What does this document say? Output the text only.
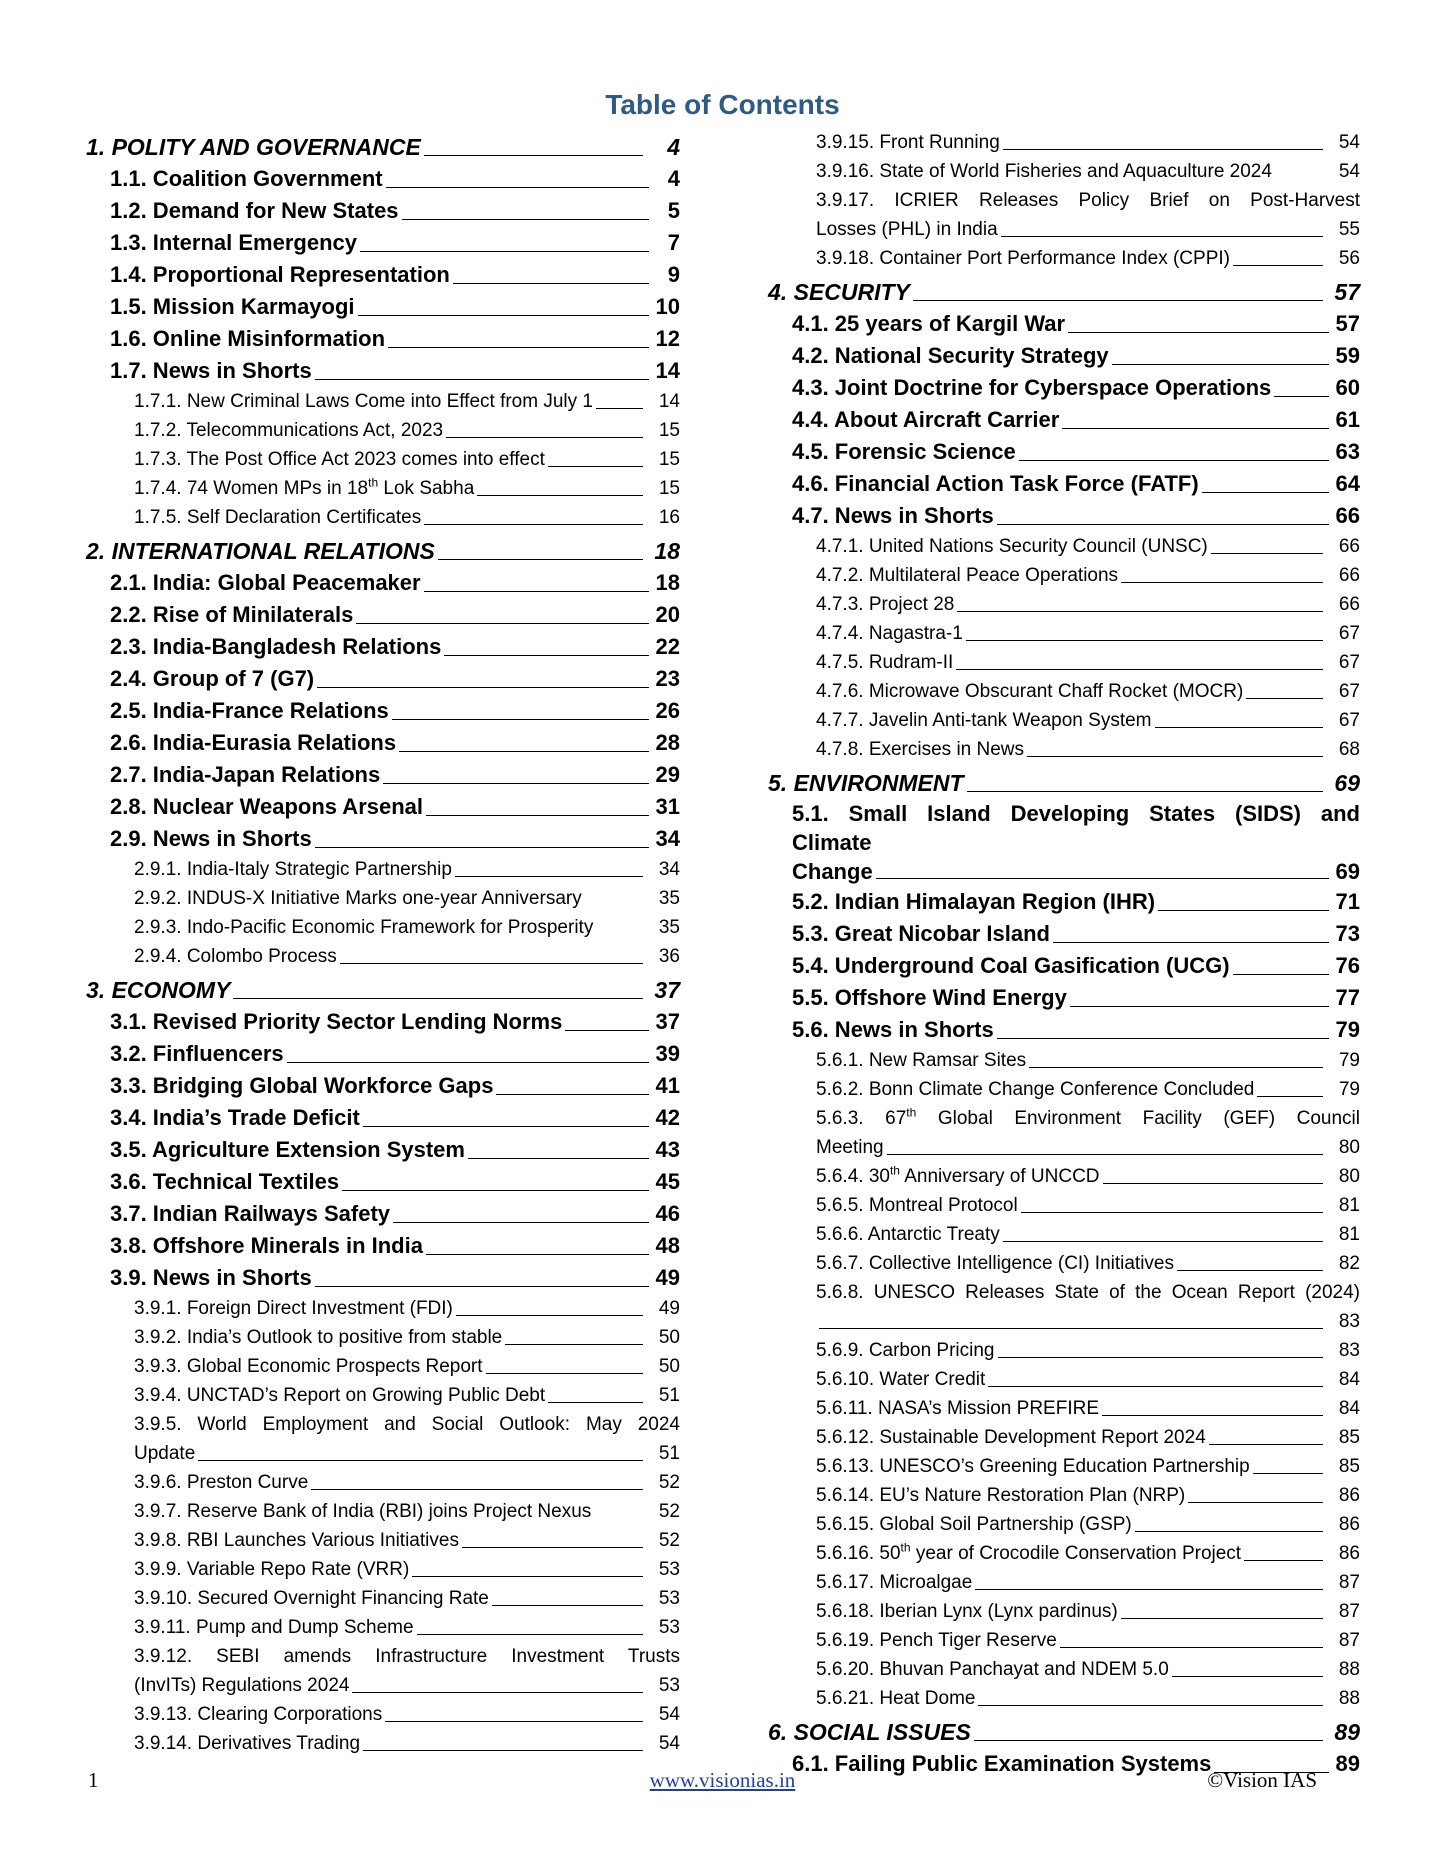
Table of Contents
1. POLITY AND GOVERNANCE	4
1.1. Coalition Government	4
1.2. Demand for New States	5
1.3. Internal Emergency	7
1.4. Proportional Representation	9
1.5. Mission Karmayogi	10
1.6. Online Misinformation	12
1.7. News in Shorts	14
1.7.1. New Criminal Laws Come into Effect from July 1	14
1.7.2. Telecommunications Act, 2023	15
1.7.3. The Post Office Act 2023 comes into effect	15
1.7.4. 74 Women MPs in 18th Lok Sabha	15
1.7.5. Self Declaration Certificates	16
2. INTERNATIONAL RELATIONS	18
2.1. India: Global Peacemaker	18
2.2. Rise of Minilaterals	20
2.3. India-Bangladesh Relations	22
2.4. Group of 7 (G7)	23
2.5. India-France Relations	26
2.6. India-Eurasia Relations	28
2.7. India-Japan Relations	29
2.8. Nuclear Weapons Arsenal	31
2.9. News in Shorts	34
2.9.1. India-Italy Strategic Partnership	34
2.9.2. INDUS-X Initiative Marks one-year Anniversary	35
2.9.3. Indo-Pacific Economic Framework for Prosperity	35
2.9.4. Colombo Process	36
3. ECONOMY	37
3.1. Revised Priority Sector Lending Norms	37
3.2. Finfluencers	39
3.3. Bridging Global Workforce Gaps	41
3.4. India’s Trade Deficit	42
3.5. Agriculture Extension System	43
3.6. Technical Textiles	45
3.7. Indian Railways Safety	46
3.8. Offshore Minerals in India	48
3.9. News in Shorts	49
3.9.1. Foreign Direct Investment (FDI)	49
3.9.2. India’s Outlook to positive from stable	50
3.9.3. Global Economic Prospects Report	50
3.9.4. UNCTAD’s Report on Growing Public Debt	51
3.9.5. World Employment and Social Outlook: May 2024
Update	51
3.9.6. Preston Curve	52
3.9.7. Reserve Bank of India (RBI) joins Project Nexus	52
3.9.8. RBI Launches Various Initiatives	52
3.9.9. Variable Repo Rate (VRR)	53
3.9.10. Secured Overnight Financing Rate	53
3.9.11. Pump and Dump Scheme	53
3.9.12. SEBI amends Infrastructure Investment Trusts
(InvITs) Regulations 2024	53
3.9.13. Clearing Corporations	54
3.9.14. Derivatives Trading	54
3.9.15. Front Running	54
3.9.16. State of World Fisheries and Aquaculture 2024	54
3.9.17. ICRIER Releases Policy Brief on Post-Harvest
Losses (PHL) in India	55
3.9.18. Container Port Performance Index (CPPI)	56
4. SECURITY	57
4.1. 25 years of Kargil War	57
4.2. National Security Strategy	59
4.3. Joint Doctrine for Cyberspace Operations	60
4.4. About Aircraft Carrier	61
4.5. Forensic Science	63
4.6. Financial Action Task Force (FATF)	64
4.7. News in Shorts	66
4.7.1. United Nations Security Council (UNSC)	66
4.7.2. Multilateral Peace Operations	66
4.7.3. Project 28	66
4.7.4. Nagastra-1	67
4.7.5. Rudram-II	67
4.7.6. Microwave Obscurant Chaff Rocket (MOCR)	67
4.7.7. Javelin Anti-tank Weapon System	67
4.7.8. Exercises in News	68
5. ENVIRONMENT	69
5.1. Small Island Developing States (SIDS) and Climate
Change	69
5.2. Indian Himalayan Region (IHR)	71
5.3. Great Nicobar Island	73
5.4. Underground Coal Gasification (UCG)	76
5.5. Offshore Wind Energy	77
5.6. News in Shorts	79
5.6.1. New Ramsar Sites	79
5.6.2. Bonn Climate Change Conference Concluded	79
5.6.3. 67th Global Environment Facility (GEF) Council
Meeting	80
5.6.4. 30th Anniversary of UNCCD	80
5.6.5. Montreal Protocol	81
5.6.6. Antarctic Treaty	81
5.6.7. Collective Intelligence (CI) Initiatives	82
5.6.8. UNESCO Releases State of the Ocean Report (2024)
83
5.6.9. Carbon Pricing	83
5.6.10. Water Credit	84
5.6.11. NASA’s Mission PREFIRE	84
5.6.12. Sustainable Development Report 2024	85
5.6.13. UNESCO’s Greening Education Partnership	85
5.6.14. EU’s Nature Restoration Plan (NRP)	86
5.6.15. Global Soil Partnership (GSP)	86
5.6.16. 50th year of Crocodile Conservation Project	86
5.6.17. Microalgae	87
5.6.18. Iberian Lynx (Lynx pardinus)	87
5.6.19. Pench Tiger Reserve	87
5.6.20. Bhuvan Panchayat and NDEM 5.0	88
5.6.21. Heat Dome	88
6. SOCIAL ISSUES	89
6.1. Failing Public Examination Systems	89
1	www.visionias.in	©Vision IAS
